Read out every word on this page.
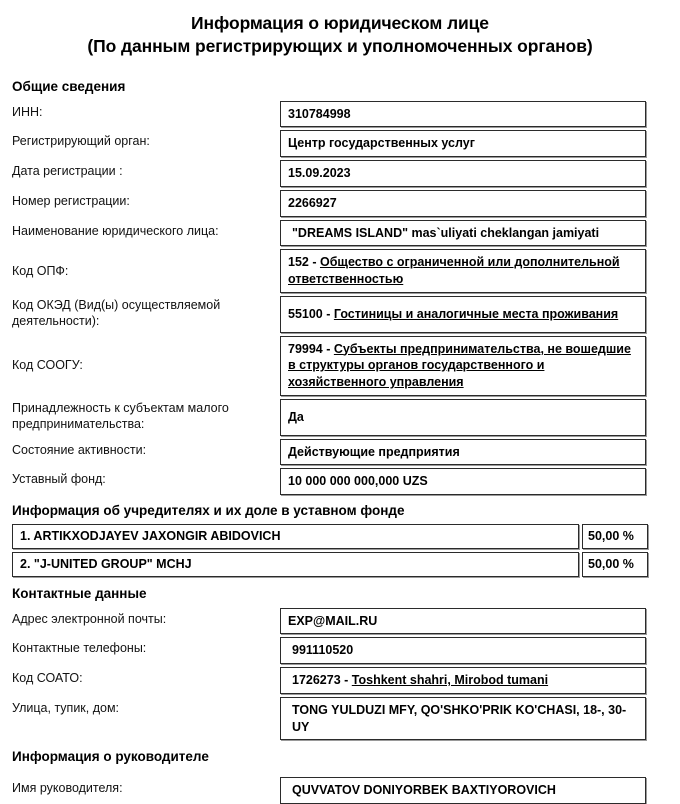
Информация о юридическом лице
(По данным регистрирующих и уполномоченных органов)
Общие сведения
ИНН:	310784998
Регистрирующий орган:	Центр государственных услуг
Дата регистрации :	15.09.2023
Номер регистрации:	2266927
Наименование юридического лица:	"DREAMS ISLAND" mas`uliyati cheklangan jamiyati
Код ОПФ:
152 - Общество с ограниченной или дополнительной ответственностью
Код ОКЭД (Вид(ы) осуществляемой деятельности):
55100 - Гостиницы и аналогичные места проживания
Код СООГУ:
79994 - Субъекты предпринимательства, не вошедшие в структуры органов государственного и хозяйственного управления
Принадлежность к субъектам малого предпринимательства:
Да
Состояние активности:	Действующие предприятия
Уставный фонд:	10 000 000 000,000 UZS
Информация об учредителях и их доле в уставном фонде
1. ARTIKXODJAYEV JAXONGIR ABIDOVICH	50,00 %
2. "J-UNITED GROUP" MCHJ	50,00 %
Контактные данные
Адрес электронной почты:	EXP@MAIL.RU
Контактные телефоны:	991110520
Код СОАТО:	1726273 - Toshkent shahri, Mirobod tumani
Улица, тупик, дом:	TONG YULDUZI MFY, QO'SHKO'PRIK KO'CHASI, 18-, 30-UY
Информация о руководителе
Имя руководителя:	QUVVATOV DONIYORBEK BAXTIYOROVICH
